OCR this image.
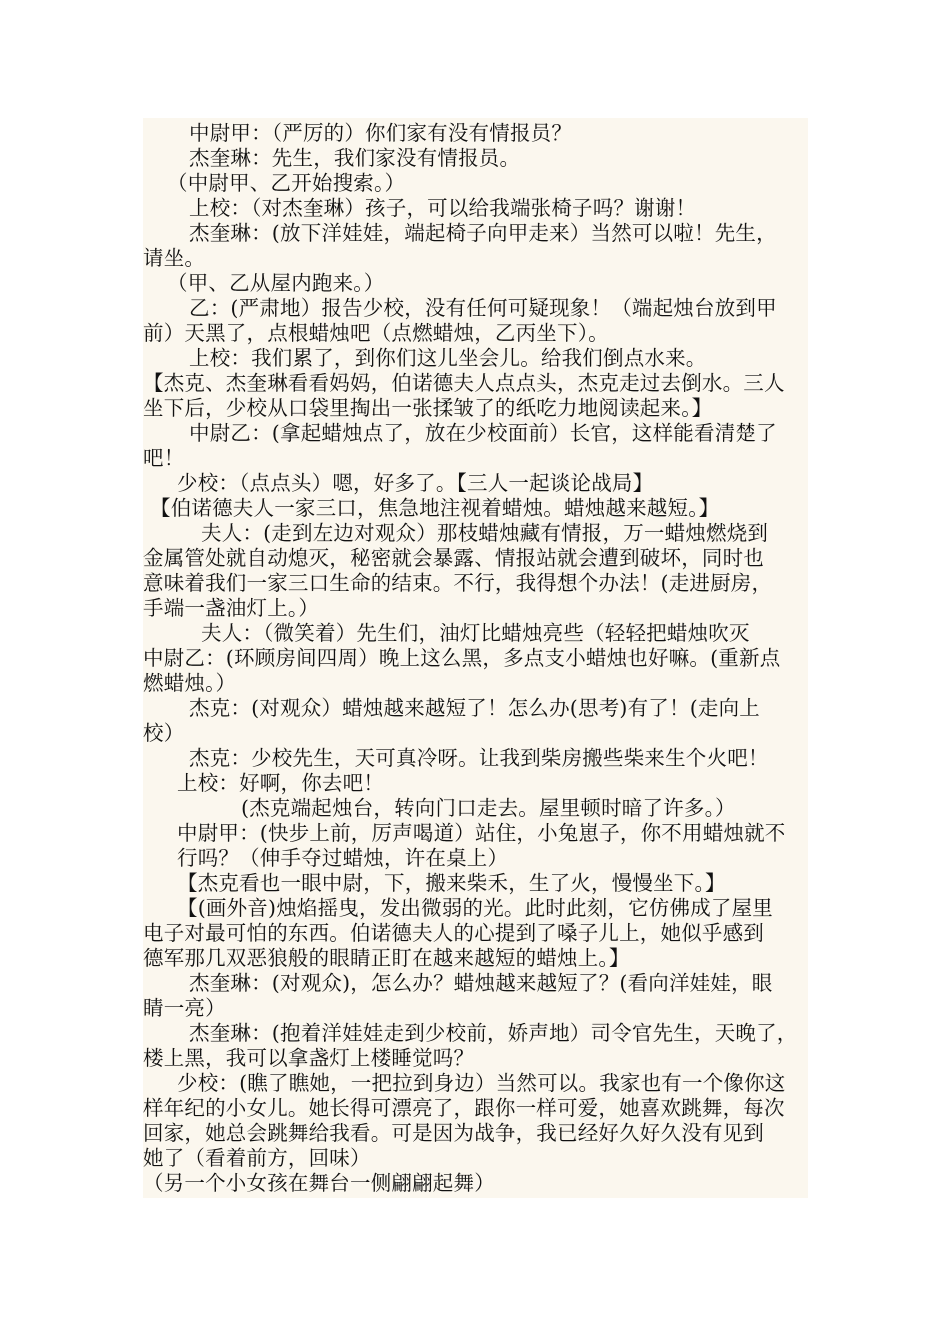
中尉甲：（严厉的）你们家有没有情报员？
杰奎琳：先生，我们家没有情报员。
（中尉甲、乙开始搜索。）
上校：（对杰奎琳）孩子，可以给我端张椅子吗？谢谢！
杰奎琳：(放下洋娃娃，端起椅子向甲走来）当然可以啦！先生，
请坐。
（甲、乙从屋内跑来。）
乙：(严肃地）报告少校，没有任何可疑现象！（端起烛台放到甲
前）天黑了，点根蜡烛吧（点燃蜡烛，乙丙坐下）。
上校：我们累了，到你们这儿坐会儿。给我们倒点水来。
【杰克、杰奎琳看看妈妈，伯诺德夫人点点头，杰克走过去倒水。三人
坐下后，少校从口袋里掏出一张揉皱了的纸吃力地阅读起来。】
中尉乙：(拿起蜡烛点了，放在少校面前）长官，这样能看清楚了
吧！
少校：（点点头）嗯，好多了。【三人一起谈论战局】
【伯诺德夫人一家三口，焦急地注视着蜡烛。蜡烛越来越短。】
夫人：(走到左边对观众）那枝蜡烛藏有情报，万一蜡烛燃烧到
金属管处就自动熄灭，秘密就会暴露、情报站就会遭到破坏，同时也
意味着我们一家三口生命的结束。不行，我得想个办法！(走进厨房，
手端一盏油灯上。）
夫人：（微笑着）先生们，油灯比蜡烛亮些（轻轻把蜡烛吹灭
中尉乙：(环顾房间四周）晚上这么黑，多点支小蜡烛也好嘛。(重新点
燃蜡烛。）
杰克：(对观众）蜡烛越来越短了！怎么办(思考)有了！(走向上
校）
杰克：少校先生，天可真冷呀。让我到柴房搬些柴来生个火吧！
上校：好啊，你去吧！
(杰克端起烛台，转向门口走去。屋里顿时暗了许多。）
中尉甲：(快步上前，厉声喝道）站住，小兔崽子，你不用蜡烛就不
行吗？（伸手夺过蜡烛，许在桌上）
【杰克看也一眼中尉，下，搬来柴禾，生了火，慢慢坐下。】
【(画外音)烛焰摇曳，发出微弱的光。此时此刻，它仿佛成了屋里
电子对最可怕的东西。伯诺德夫人的心提到了嗓子儿上，她似乎感到
德军那几双恶狼般的眼睛正盯在越来越短的蜡烛上。】
杰奎琳：(对观众)，怎么办？蜡烛越来越短了？(看向洋娃娃，眼
睛一亮）
杰奎琳：(抱着洋娃娃走到少校前，娇声地）司令官先生，天晚了，
楼上黑，我可以拿盏灯上楼睡觉吗？
少校：(瞧了瞧她，一把拉到身边）当然可以。我家也有一个像你这
样年纪的小女儿。她长得可漂亮了，跟你一样可爱，她喜欢跳舞，每次
回家，她总会跳舞给我看。可是因为战争，我已经好久好久没有见到
她了（看着前方，回味）
（另一个小女孩在舞台一侧翩翩起舞）
